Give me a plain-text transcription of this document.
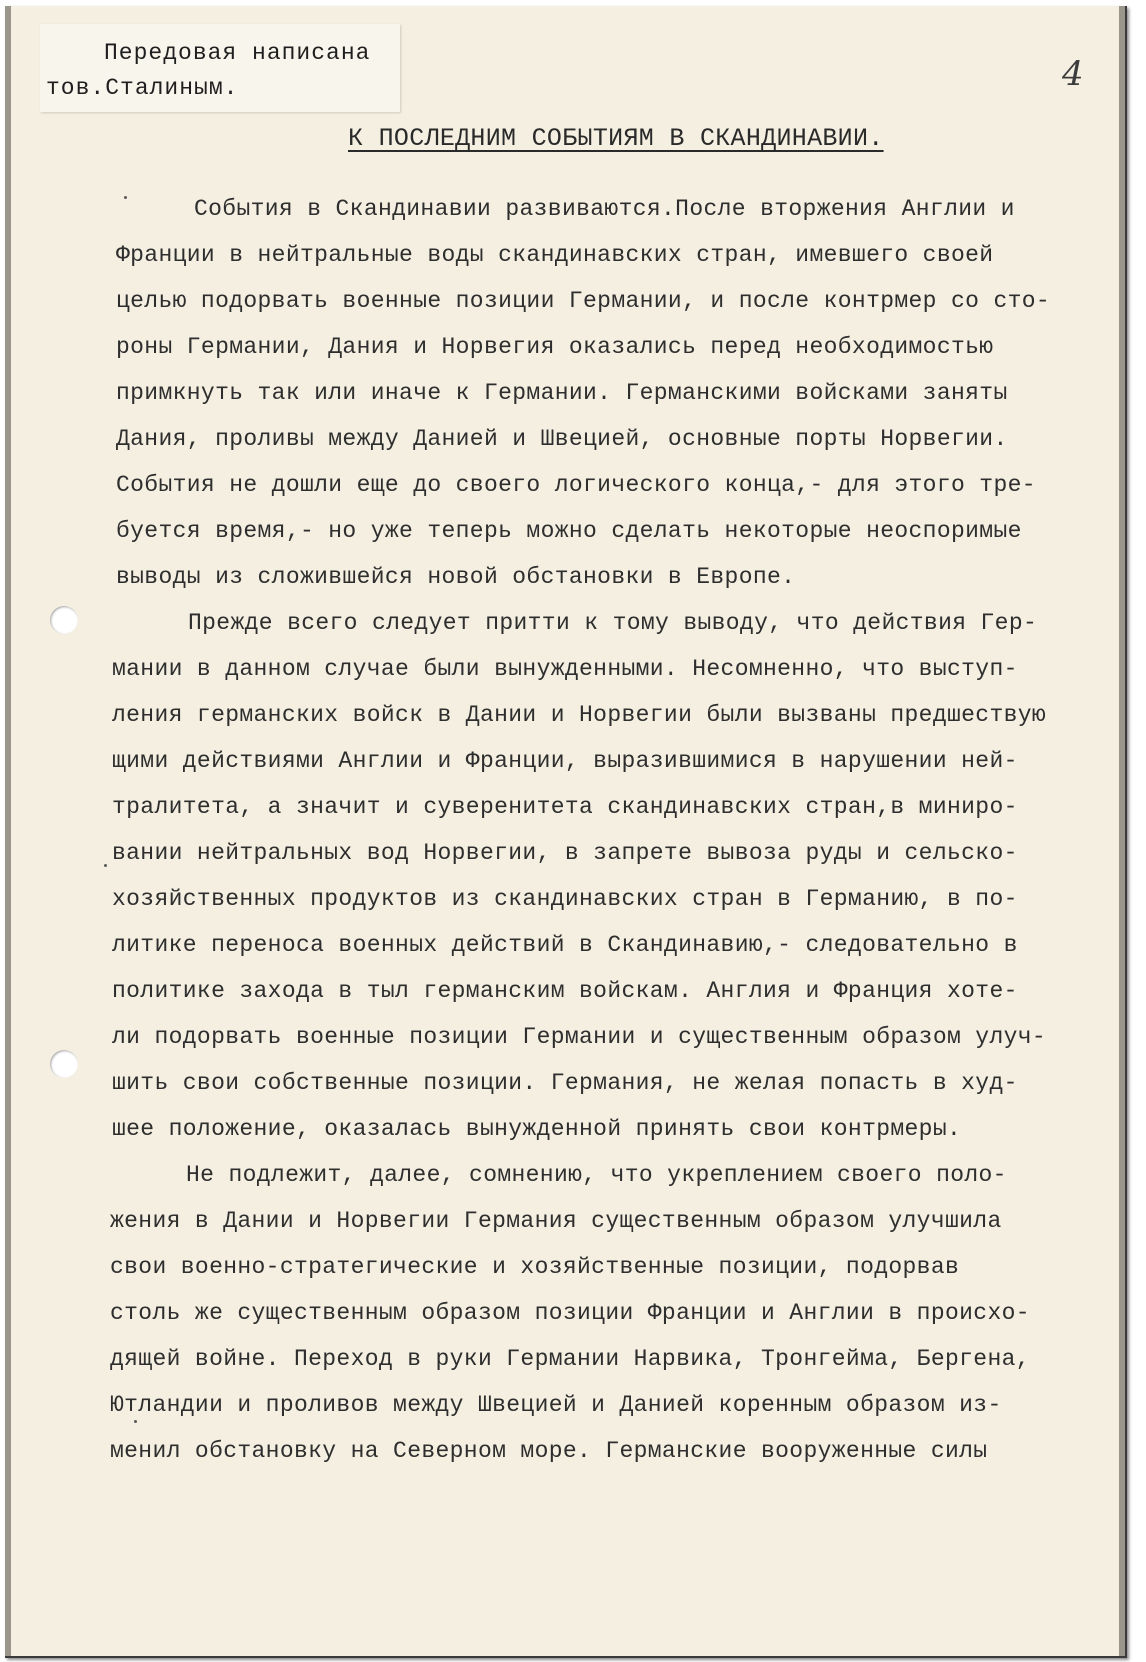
Передовая написана
тов.Сталиным.	4
К ПОСЛЕДНИМ СОБЫТИЯМ В СКАНДИНАВИИ.
События в Скандинавии развиваются.После вторжения Англии и
Франции в нейтральные воды скандинавских стран, имевшего своей
целью подорвать военные позиции Германии, и после контрмер со сто-
роны Германии, Дания и Норвегия оказались перед необходимостью
примкнуть так или иначе к Германии. Германскими войсками заняты
Дания, проливы между Данией и Швецией, основные порты Норвегии.
События не дошли еще до своего логического конца,- для этого тре-
буется время,- но уже теперь можно сделать некоторые неоспоримые
выводы из сложившейся новой обстановки в Европе.
Прежде всего следует притти к тому выводу, что действия Гер-
мании в данном случае были вынужденными. Несомненно, что выступ-
ления германских войск в Дании и Норвегии были вызваны предшествую
щими действиями Англии и Франции, выразившимися в нарушении ней-
тралитета, а значит и суверенитета скандинавских стран,в миниро-
вании нейтральных вод Норвегии, в запрете вывоза руды и сельско-
хозяйственных продуктов из скандинавских стран в Германию, в по-
литике переноса военных действий в Скандинавию,- следовательно в
политике захода в тыл германским войскам. Англия и Франция хоте-
ли подорвать военные позиции Германии и существенным образом улуч-
шить свои собственные позиции. Германия, не желая попасть в худ-
шее положение, оказалась вынужденной принять свои контрмеры.
Не подлежит, далее, сомнению, что укреплением своего поло-
жения в Дании и Норвегии Германия существенным образом улучшила
свои военно-стратегические и хозяйственные позиции, подорвав
столь же существенным образом позиции Франции и Англии в происхо-
дящей войне. Переход в руки Германии Нарвика, Тронгейма, Бергена,
Ютландии и проливов между Швецией и Данией коренным образом из-
менил обстановку на Северном море. Германские вооруженные силы
